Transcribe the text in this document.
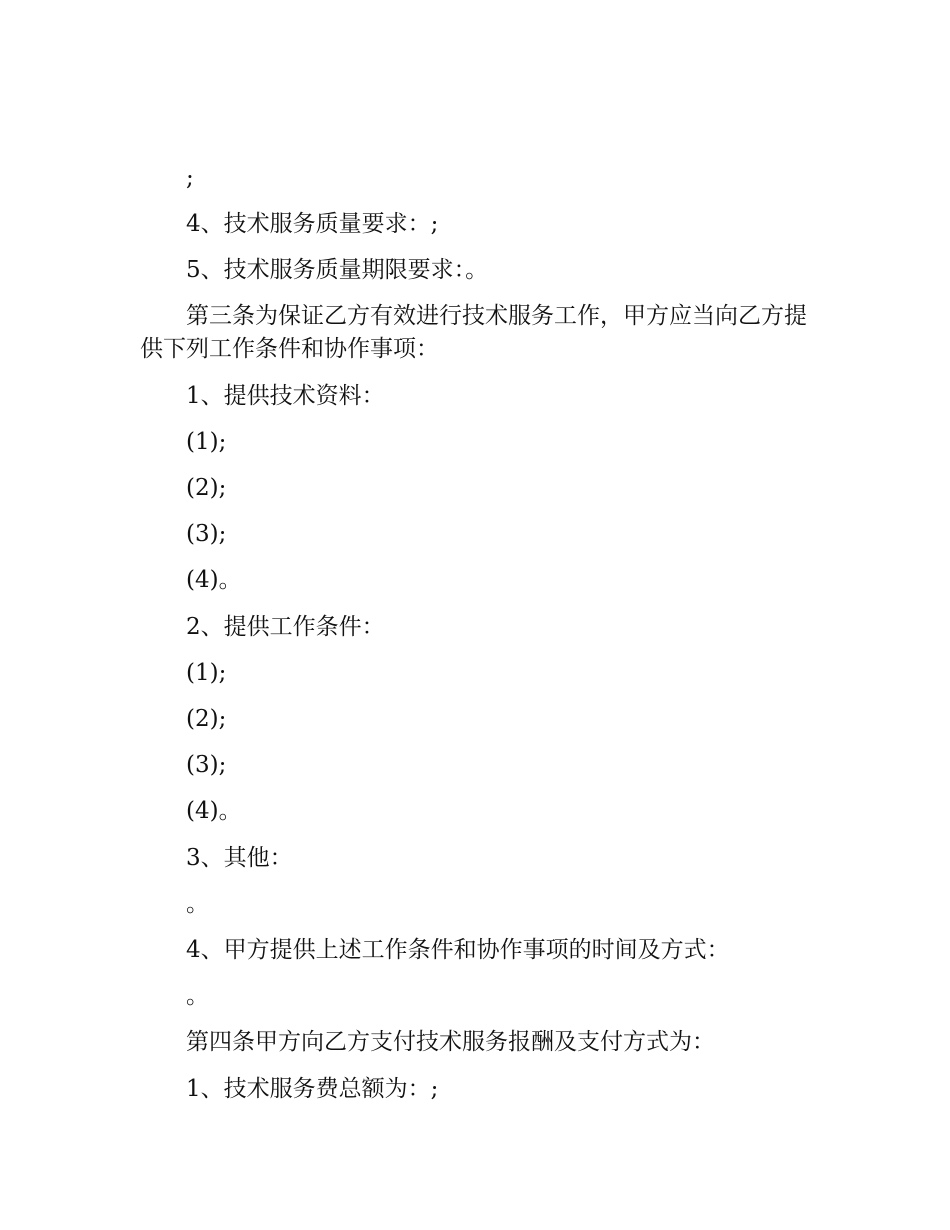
;

4、技术服务质量要求：;

5、技术服务质量期限要求：。

第三条为保证乙方有效进行技术服务工作，甲方应当向乙方提供下列工作条件和协作事项：

1、提供技术资料：

(1);

(2);

(3);

(4)。

2、提供工作条件：

(1);

(2);

(3);

(4)。

3、其他：

。

4、甲方提供上述工作条件和协作事项的时间及方式：

。

第四条甲方向乙方支付技术服务报酬及支付方式为：

1、技术服务费总额为：;
